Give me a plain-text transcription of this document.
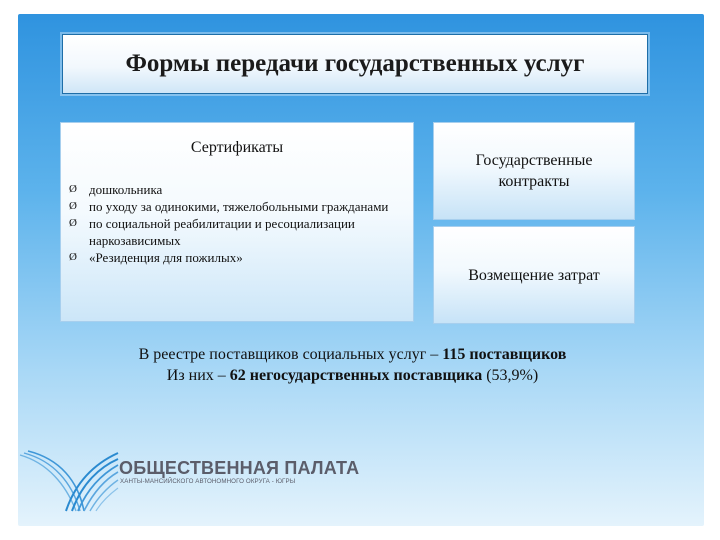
Формы передачи государственных услуг
Сертификаты
Ø дошкольника
Ø по уходу за одинокими, тяжелобольными гражданами
Ø по социальной реабилитации и ресоциализации наркозависимых
Ø «Резиденция для пожилых»
Государственные контракты
Возмещение затрат
В реестре поставщиков социальных услуг – 115 поставщиков
Из них – 62 негосударственных поставщика (53,9%)
ОБЩЕСТВЕННАЯ ПАЛАТА
ХАНТЫ-МАНСИЙСКОГО АВТОНОМНОГО ОКРУГА - ЮГРЫ
